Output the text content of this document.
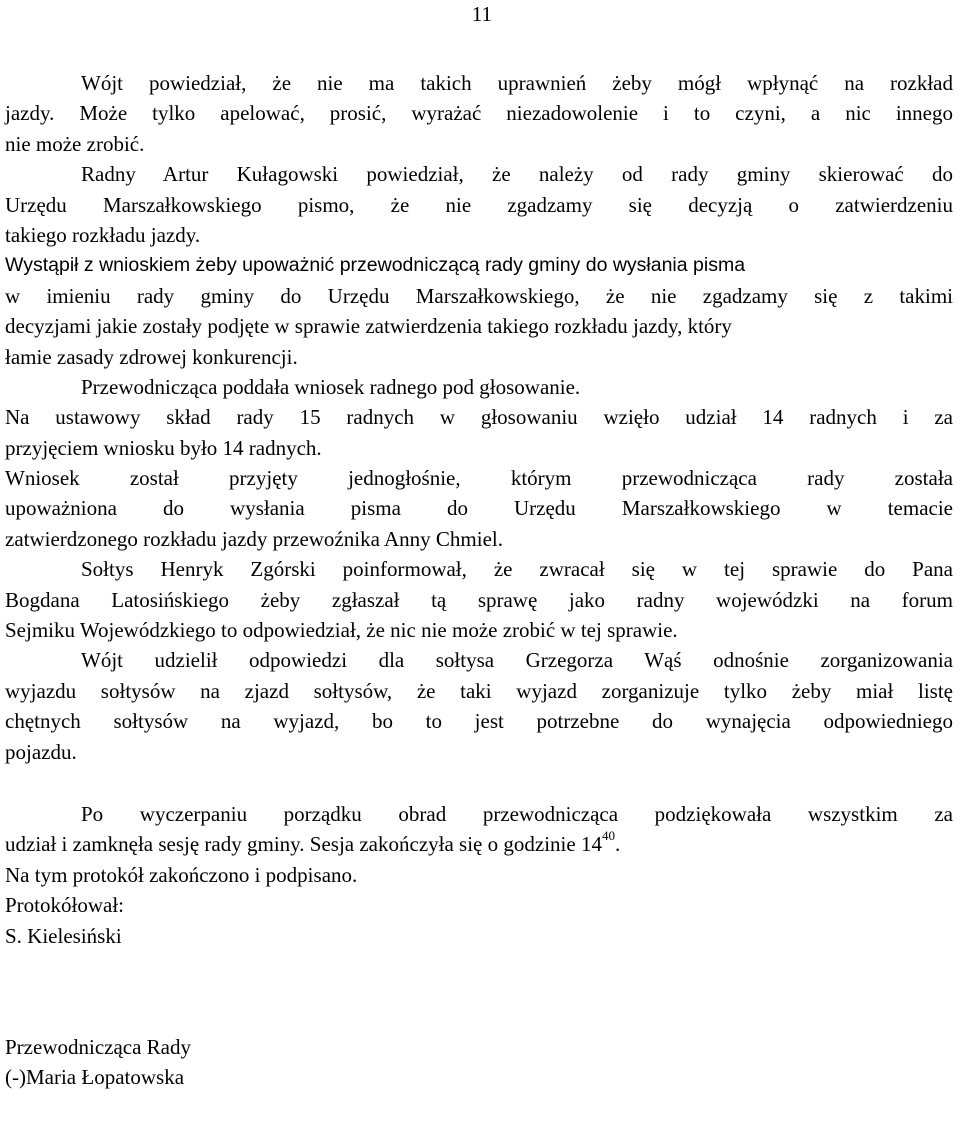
11
Wójt powiedział, że nie ma takich uprawnień żeby mógł wpłynąć na rozkład
jazdy. Może tylko apelować, prosić, wyrażać niezadowolenie i to czyni, a nic innego
nie może zrobić.
Radny Artur Kułagowski powiedział, że należy od rady gminy skierować do
Urzędu Marszałkowskiego pismo, że nie zgadzamy się decyzją o zatwierdzeniu
takiego rozkładu jazdy.
Wystąpił z wnioskiem żeby upoważnić przewodniczącą rady gminy do wysłania pisma
w imieniu rady gminy do Urzędu Marszałkowskiego, że nie zgadzamy się z takimi
decyzjami jakie zostały podjęte w sprawie zatwierdzenia takiego rozkładu jazdy, który
łamie zasady zdrowej konkurencji.
Przewodnicząca poddała wniosek radnego pod głosowanie.
Na ustawowy skład rady 15 radnych w głosowaniu wzięło udział 14 radnych i za
przyjęciem wniosku było 14 radnych.
Wniosek został przyjęty jednogłośnie, którym przewodnicząca rady została
upoważniona do wysłania pisma do Urzędu Marszałkowskiego w temacie
zatwierdzonego rozkładu jazdy przewoźnika Anny Chmiel.
Sołtys Henryk Zgórski poinformował, że zwracał się w tej sprawie do Pana
Bogdana Latosińskiego żeby zgłaszał tą sprawę jako radny wojewódzki na forum
Sejmiku Wojewódzkiego to odpowiedział, że nic nie może zrobić w tej sprawie.
Wójt udzielił odpowiedzi dla sołtysa Grzegorza Wąś odnośnie zorganizowania
wyjazdu sołtysów na zjazd sołtysów, że taki wyjazd zorganizuje tylko żeby miał listę
chętnych sołtysów na wyjazd, bo to jest potrzebne do wynajęcia odpowiedniego
pojazdu.
Po wyczerpaniu porządku obrad przewodnicząca podziękowała wszystkim za
udział i zamknęła sesję rady gminy. Sesja zakończyła się o godzinie $14^{40}$.
Na tym protokół zakończono i podpisano.
Protokółował:
S. Kielesiński
Przewodnicząca Rady
(-)Maria Łopatowska
